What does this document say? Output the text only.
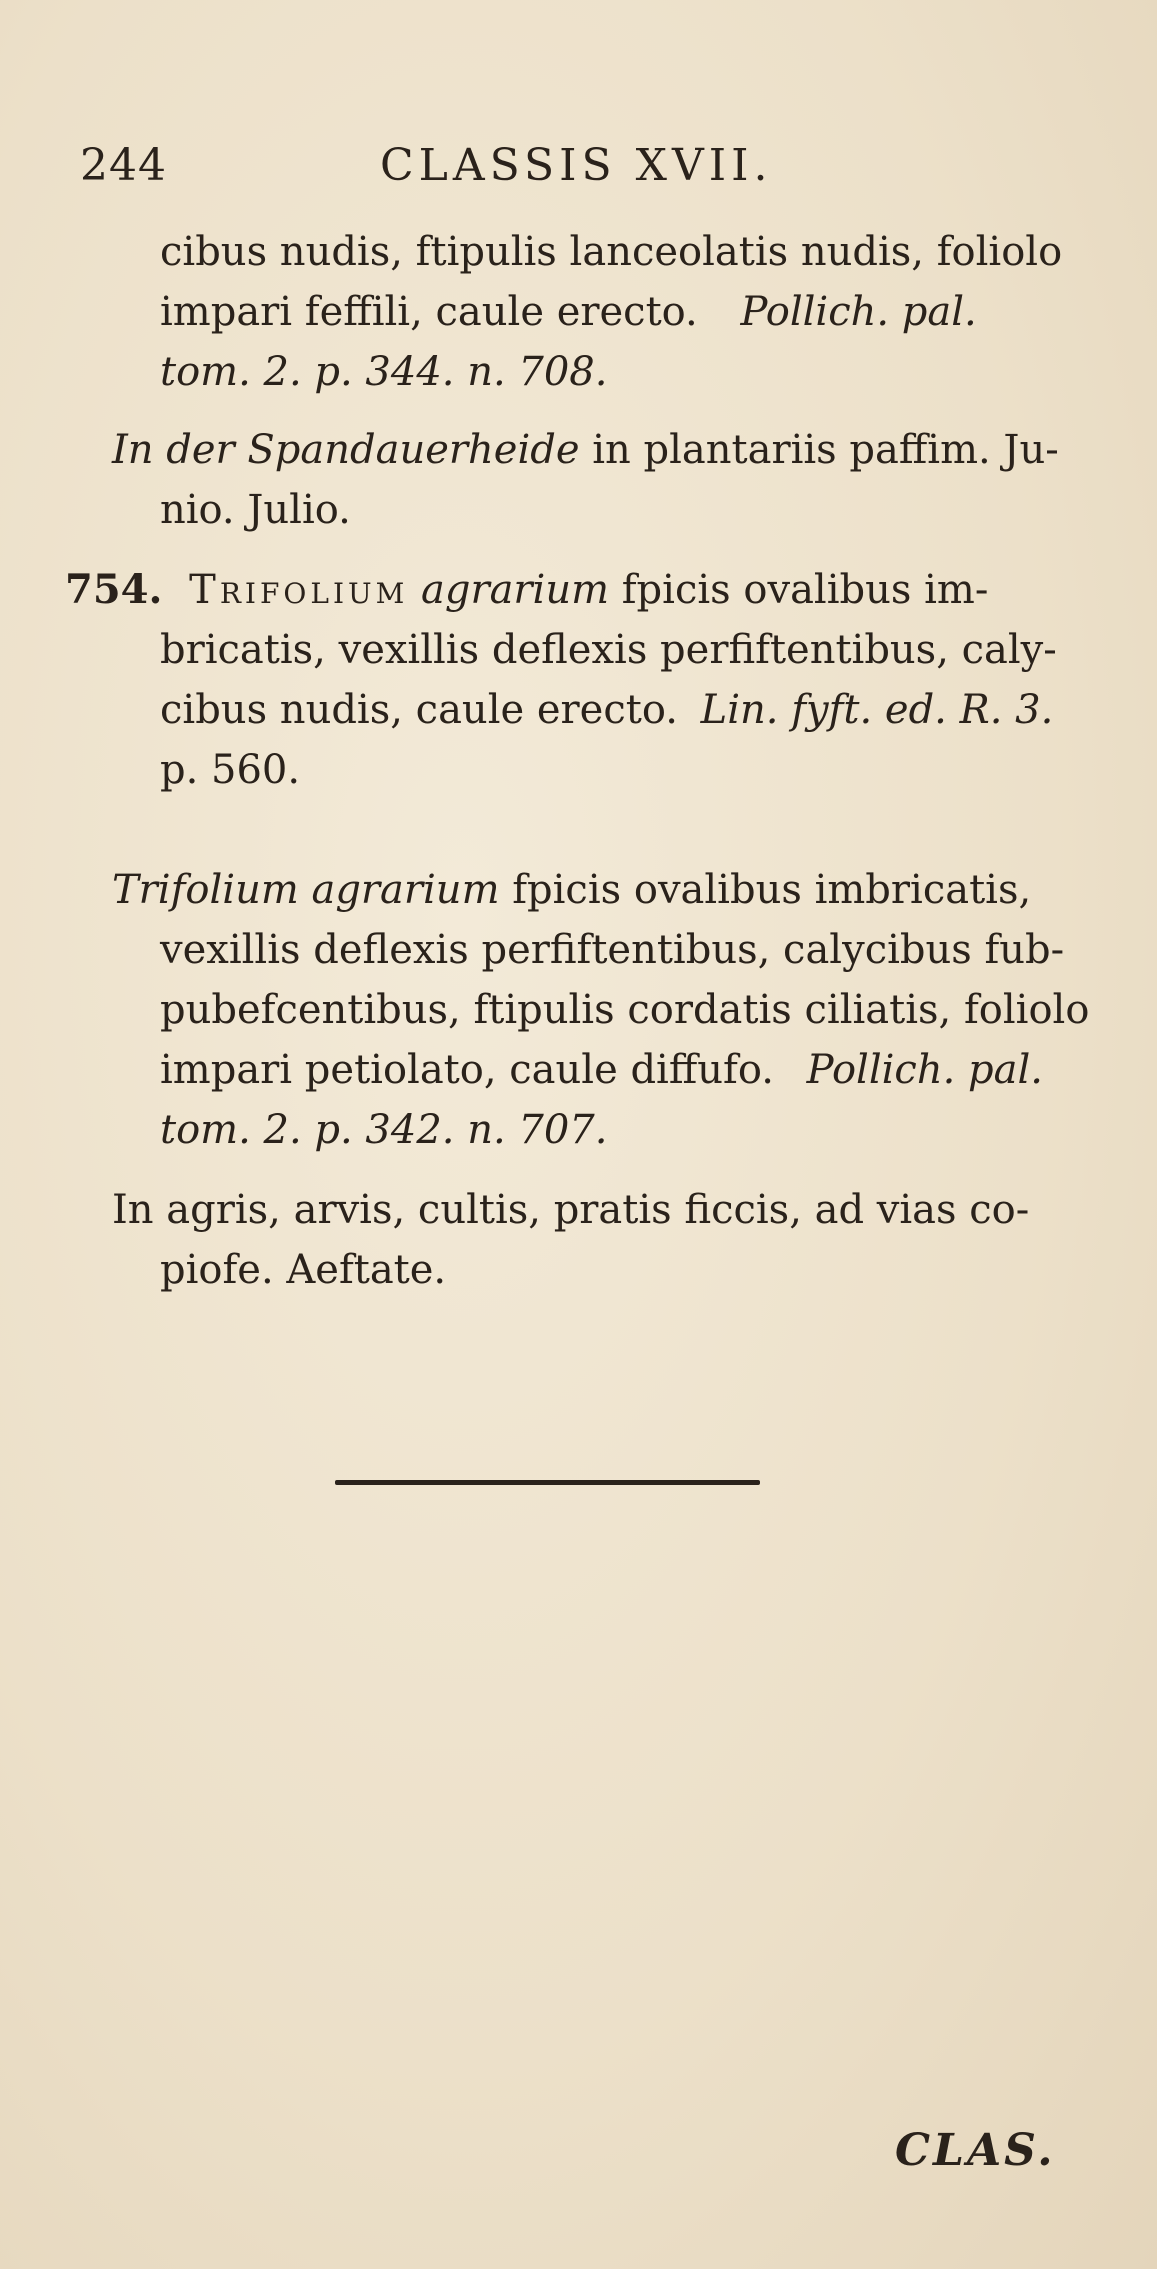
244	CLASSIS XVII.
cibus nudis, ftipulis lanceolatis nudis, foliolo
impari feffili, caule erecto. Pollich. pal.
tom. 2. p. 344. n. 708.
In der Spandauerheide in plantariis paffim. Ju-
nio. Julio.
754. Trifolium agrarium fpicis ovalibus im-
bricatis, vexillis deflexis perfiftentibus, caly-
cibus nudis, caule erecto. Lin. fyft. ed. R. 3.
p. 560.
Trifolium agrarium fpicis ovalibus imbricatis,
vexillis deflexis perfiftentibus, calycibus fub-
pubefcentibus, ftipulis cordatis ciliatis, foliolo
impari petiolato, caule diffufo. Pollich. pal.
tom. 2. p. 342. n. 707.
In agris, arvis, cultis, pratis ficcis, ad vias co-
piofe. Aeftate.
CLAS.
